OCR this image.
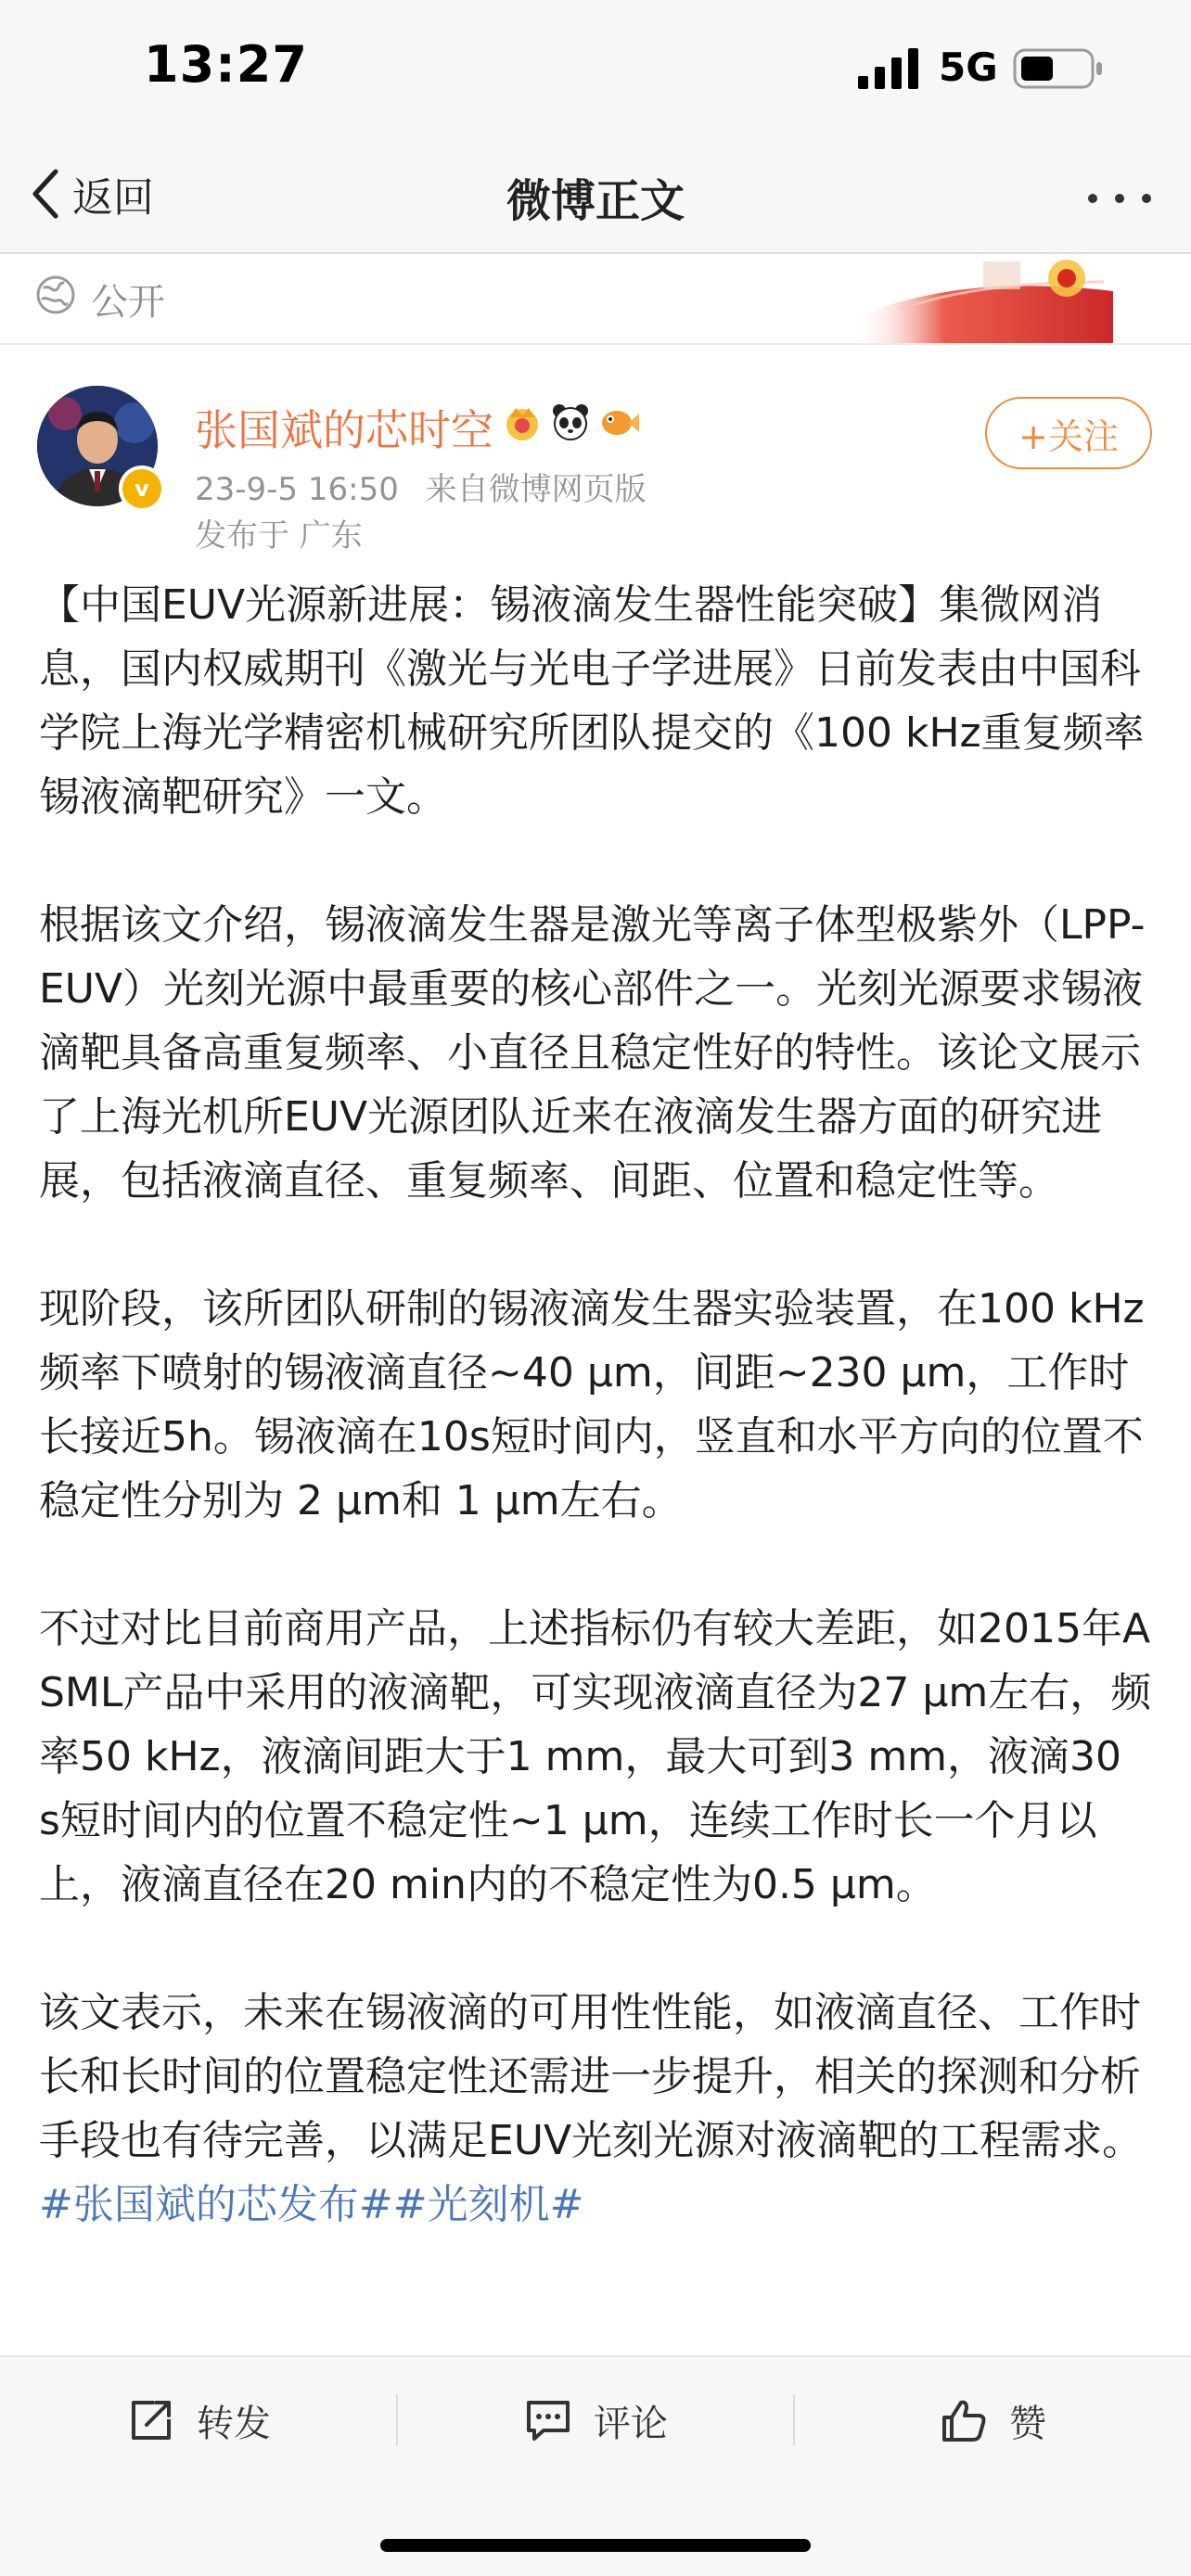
13:27	5G
返回	微博正文
公开
v
张国斌的芯时空
23-9-5 16:50 来自微博网页版
发布于 广东
+关注

【中国EUV光源新进展：锡液滴发生器性能突破】集微网消息，国内权威期刊《激光与光电子学进展》日前发表由中国科学院上海光学精密机械研究所团队提交的《100 kHz重复频率锡液滴靶研究》一文。

根据该文介绍，锡液滴发生器是激光等离子体型极紫外（LPP-EUV）光刻光源中最重要的核心部件之一。光刻光源要求锡液滴靶具备高重复频率、小直径且稳定性好的特性。该论文展示了上海光机所EUV光源团队近来在液滴发生器方面的研究进展，包括液滴直径、重复频率、间距、位置和稳定性等。

现阶段，该所团队研制的锡液滴发生器实验装置，在100 kHz频率下喷射的锡液滴直径~40 μm，间距~230 μm，工作时长接近5h。锡液滴在10s短时间内，竖直和水平方向的位置不稳定性分别为 2 μm和 1 μm左右。

不过对比目前商用产品，上述指标仍有较大差距，如2015年ASML产品中采用的液滴靶，可实现液滴直径为27 μm左右，频率50 kHz，液滴间距大于1 mm，最大可到3 mm，液滴30 s短时间内的位置不稳定性~1 μm，连续工作时长一个月以上，液滴直径在20 min内的不稳定性为0.5 μm。

该文表示，未来在锡液滴的可用性性能，如液滴直径、工作时长和长时间的位置稳定性还需进一步提升，相关的探测和分析手段也有待完善，以满足EUV光刻光源对液滴靶的工程需求。#张国斌的芯发布##光刻机#

转发	评论	赞
